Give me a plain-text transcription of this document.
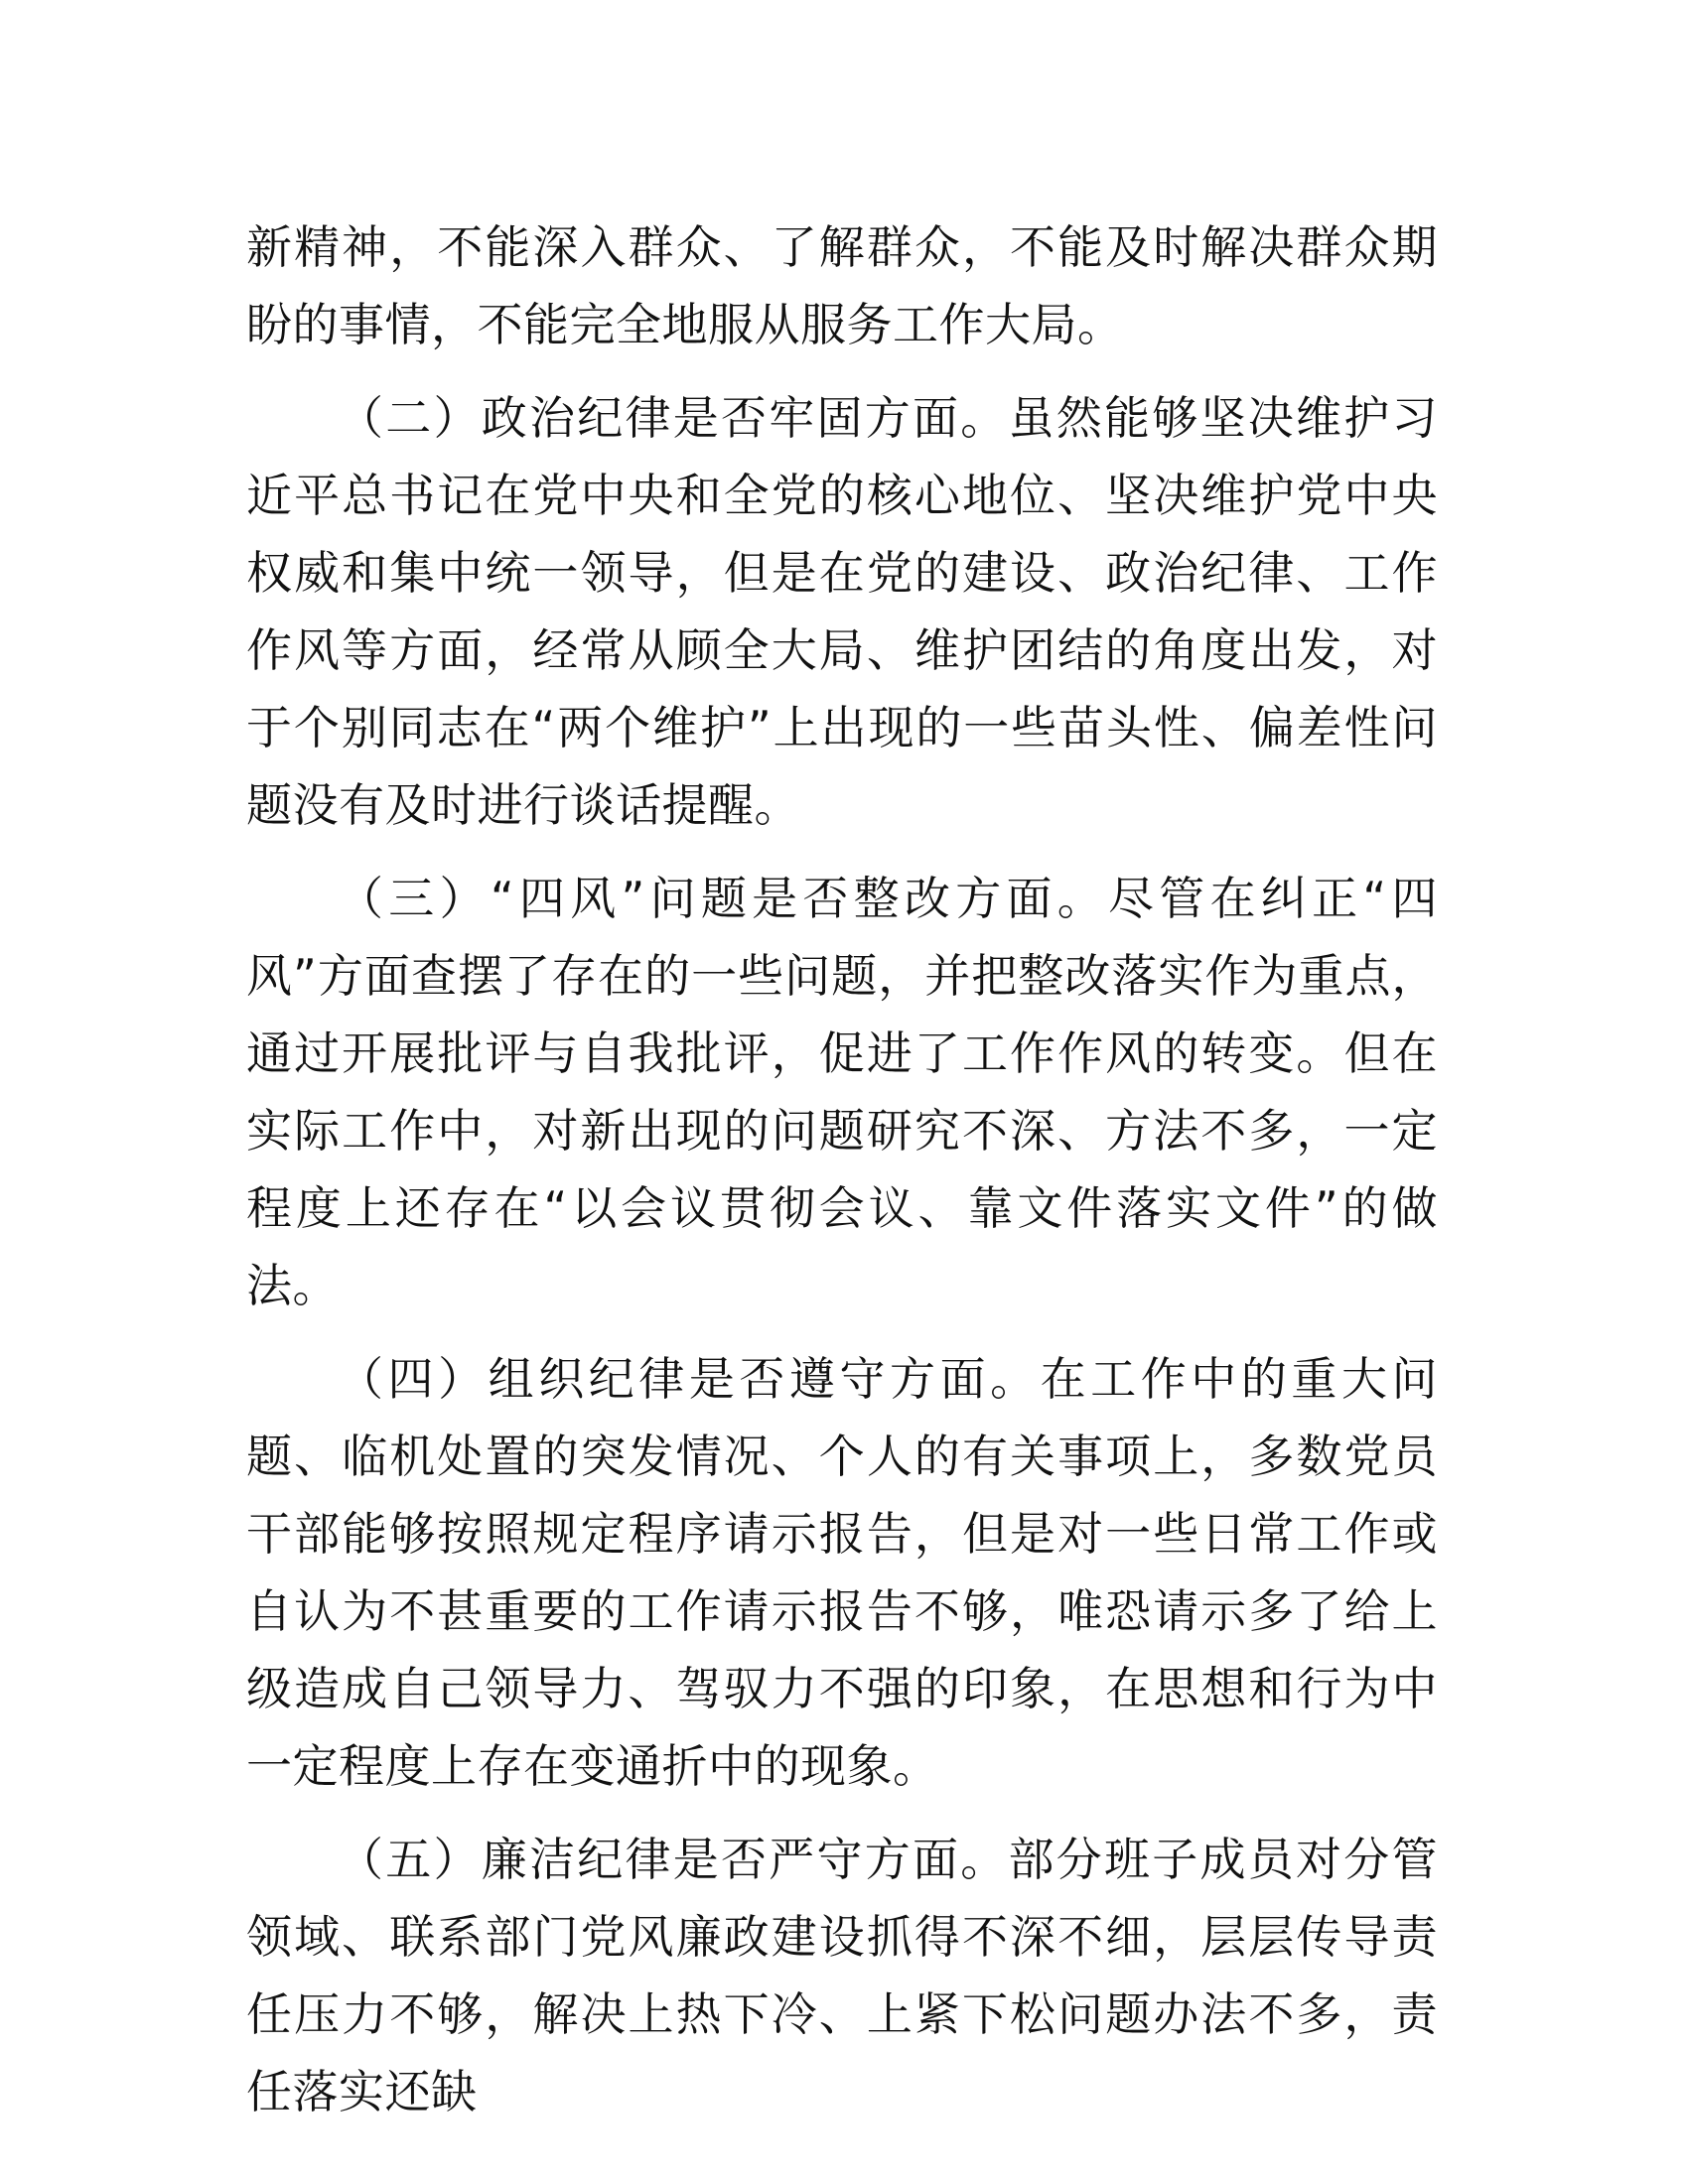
新精神，不能深入群众、了解群众，不能及时解决群众期盼的事情，不能完全地服从服务工作大局。

（二）政治纪律是否牢固方面。虽然能够坚决维护习近平总书记在党中央和全党的核心地位、坚决维护党中央权威和集中统一领导，但是在党的建设、政治纪律、工作作风等方面，经常从顾全大局、维护团结的角度出发，对于个别同志在“两个维护”上出现的一些苗头性、偏差性问题没有及时进行谈话提醒。

（三）“四风”问题是否整改方面。尽管在纠正“四风”方面查摆了存在的一些问题，并把整改落实作为重点，通过开展批评与自我批评，促进了工作作风的转变。但在实际工作中，对新出现的问题研究不深、方法不多，一定程度上还存在“以会议贯彻会议、靠文件落实文件”的做法。

（四）组织纪律是否遵守方面。在工作中的重大问题、临机处置的突发情况、个人的有关事项上，多数党员干部能够按照规定程序请示报告，但是对一些日常工作或自认为不甚重要的工作请示报告不够，唯恐请示多了给上级造成自己领导力、驾驭力不强的印象，在思想和行为中一定程度上存在变通折中的现象。

（五）廉洁纪律是否严守方面。部分班子成员对分管领域、联系部门党风廉政建设抓得不深不细，层层传导责任压力不够，解决上热下冷、上紧下松问题办法不多，责任落实还缺
